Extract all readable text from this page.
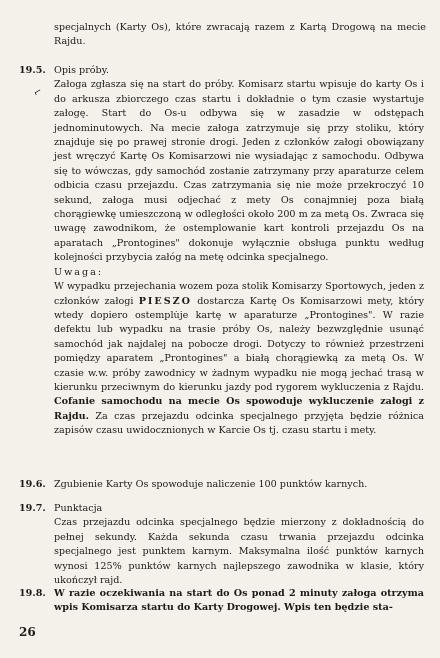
⌐

specjalnych (Karty Os), które zwracają razem z Kartą Drogową na mecie Rajdu.

19.5. Opis próby.

Załoga zgłasza się na start do próby. Komisarz startu wpisuje do karty Os i do arkusza zbiorczego czas startu i dokładnie o tym czasie wystartuje załogę. Start do Os-u odbywa się w zasadzie w odstępach jednominutowych. Na mecie załoga zatrzymuje się przy stoliku, który znajduje się po prawej stronie drogi. Jeden z członków załogi obowiązany jest wręczyć Kartę Os Komisarzowi nie wysiadając z samochodu. Odbywa się to wówczas, gdy samochód zostanie zatrzymany przy aparaturze celem odbicia czasu przejazdu. Czas zatrzymania się nie może przekroczyć 10 sekund, załoga musi odjechać z mety Os conajmniej poza białą chorągiewkę umieszczoną w odległości około 200 m za metą Os. Zwraca się uwagę zawodnikom, że ostemplowanie kart kontroli przejazdu Os na aparatach „Prontogines" dokonuje wyłącznie obsługa punktu według kolejności przybycia załóg na metę odcinka specjalnego.

Uwaga:

W wypadku przejechania wozem poza stolik Komisarzy Sportowych, jeden z członków załogi PIESZO dostarcza Kartę Os Komisarzowi mety, który wtedy dopiero ostemplu̇je kartę w aparaturze „Prontogines". W razie defektu lub wypadku na trasie próby Os, należy bezwzględnie usunąć samochód jak najdalej na pobocze drogi. Dotyczy to również przestrzeni pomiędzy aparatem „Prontogines" a białą chorągiewką za metą Os. W czasie w.w. próby zawodnicy w żadnym wypadku nie mogą jechać trasą w kierunku przeciwnym do kierunku jazdy pod rygorem wykluczenia z Rajdu. Cofanie samochodu na mecie Os spowoduje wykluczenie załogi z Rajdu. Za czas przejazdu odcinka specjalnego przyjęta będzie różnica zapisów czasu uwidocznionych w Karcie Os tj. czasu startu i mety.

19.6. Zgubienie Karty Os spowoduje naliczenie 100 punktów karnych.

19.7. Punktacja

Czas przejazdu odcinka specjalnego będzie mierzony z dokładnością do pełnej sekundy. Każda sekunda czasu trwania przejazdu odcinka specjalnego jest punktem karnym. Maksymalna ilość punktów karnych wynosi 125% punktów karnych najlepszego zawodnika w klasie, który ukończył rajd.

19.8. W razie oczekiwania na start do Os ponad 2 minuty załoga otrzyma wpis Komisarza startu do Karty Drogowej. Wpis ten będzie sta-

26
